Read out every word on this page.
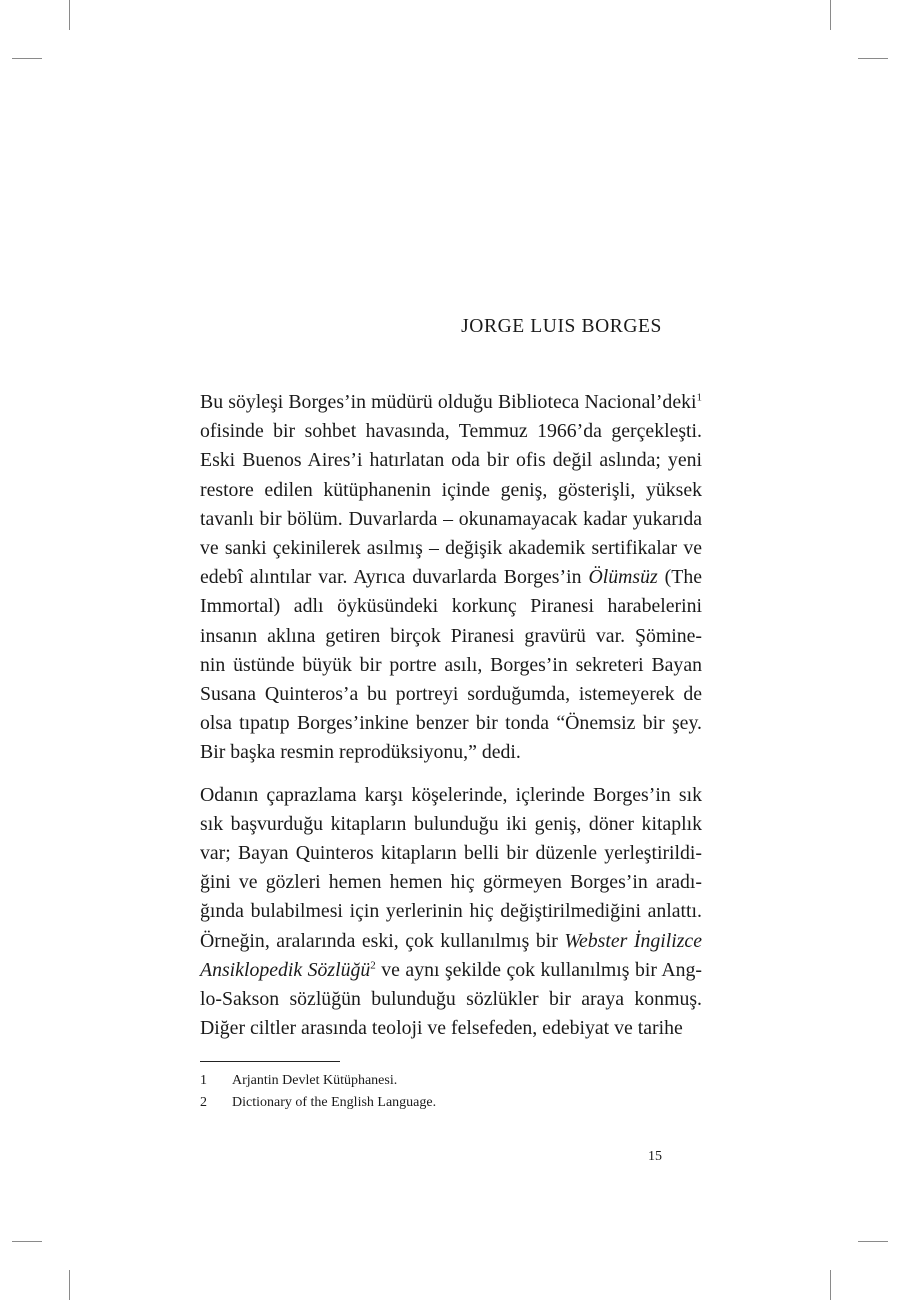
JORGE LUIS BORGES

Bu söyleşi Borges’in müdürü olduğu Biblioteca Nacional’deki$^1$
ofisinde bir sohbet havasında, Temmuz 1966’da gerçekleşti.
Eski Buenos Aires’i hatırlatan oda bir ofis değil aslında; yeni
restore edilen kütüphanenin içinde geniş, gösterişli, yüksek
tavanlı bir bölüm. Duvarlarda – okunamayacak kadar yukarıda
ve sanki çekinilerek asılmış – değişik akademik sertifikalar ve
edebî alıntılar var. Ayrıca duvarlarda Borges’in Ölümsüz (The
Immortal) adlı öyküsündeki korkunç Piranesi harabelerini
insanın aklına getiren birçok Piranesi gravürü var. Şömine-
nin üstünde büyük bir portre asılı, Borges’in sekreteri Bayan
Susana Quinteros’a bu portreyi sorduğumda, istemeyerek de
olsa tıpatıp Borges’inkine benzer bir tonda “Önemsiz bir şey.
Bir başka resmin reprodüksiyonu,” dedi.

Odanın çaprazlama karşı köşelerinde, içlerinde Borges’in sık
sık başvurduğu kitapların bulunduğu iki geniş, döner kitaplık
var; Bayan Quinteros kitapların belli bir düzenle yerleştirildi-
ğini ve gözleri hemen hemen hiç görmeyen Borges’in aradı-
ğında bulabilmesi için yerlerinin hiç değiştirilmediğini anlattı.
Örneğin, aralarında eski, çok kullanılmış bir Webster İngilizce
Ansiklopedik Sözlüğü$^2$ ve aynı şekilde çok kullanılmış bir Ang-
lo-Sakson sözlüğün bulunduğu sözlükler bir araya konmuş.
Diğer ciltler arasında teoloji ve felsefeden, edebiyat ve tarihe

1	Arjantin Devlet Kütüphanesi.
2	Dictionary of the English Language.
15
